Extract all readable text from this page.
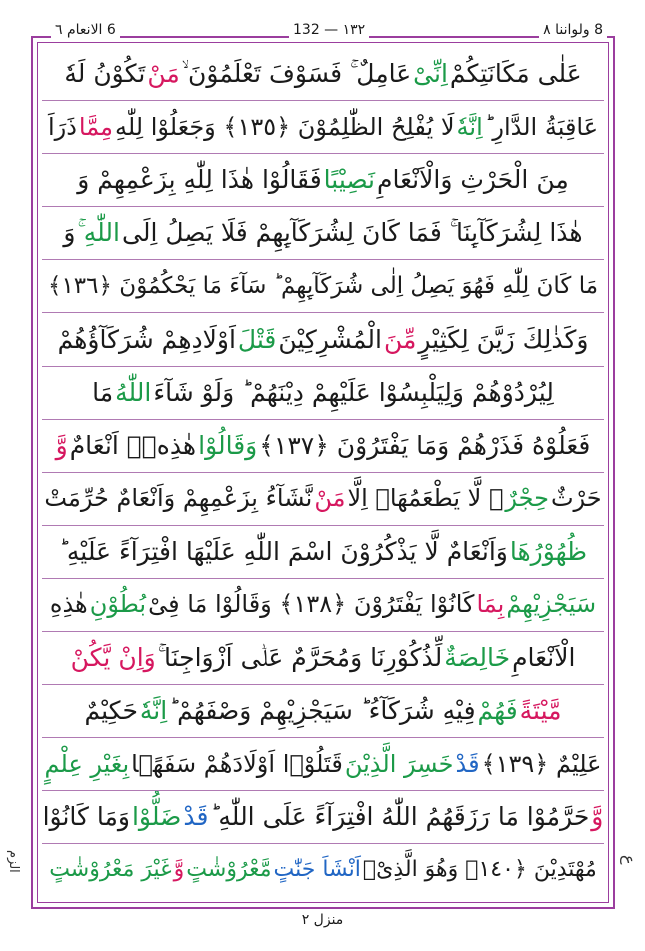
8 ولواننا ٨
١٣٢ — 132
6 الانعام ٦
عَلٰی مَكَانَتِكُمْ
اِنِّیْ
عَامِلٌ ۚ فَسَوْفَ تَعْلَمُوْنَ ۙ
مَنْ
تَكُوْنُ لَهٗ
عَاقِبَةُ الدَّارِ ؕ
اِنَّهٗ
لَا یُفْلِحُ الظّٰلِمُوْنَ ﴿١٣٥﴾ وَجَعَلُوْا لِلّٰهِ
مِمَّا
ذَرَاَ
مِنَ الْحَرْثِ وَالْاَنْعَامِ
نَصِیْبًا
فَقَالُوْا هٰذَا لِلّٰهِ بِزَعْمِهِمْ وَ
هٰذَا لِشُرَكَآىِٕنَا ۚ فَمَا كَانَ لِشُرَكَآىِٕهِمْ فَلَا یَصِلُ اِلَى
اللّٰهِ ۚ
وَ
مَا كَانَ لِلّٰهِ فَهُوَ یَصِلُ اِلٰى شُرَكَآىِٕهِمْ ؕ سَآءَ مَا یَحْكُمُوْنَ ﴿١٣٦﴾
وَكَذٰلِكَ زَیَّنَ لِكَثِیْرٍ
مِّنَ
الْمُشْرِكِیْنَ
قَتْلَ
اَوْلَادِهِمْ شُرَكَآؤُهُمْ
لِیُرْدُوْهُمْ وَلِیَلْبِسُوْا عَلَیْهِمْ دِیْنَهُمْ ؕ وَلَوْ شَآءَ
اللّٰهُ
مَا
فَعَلُوْهُ فَذَرْهُمْ وَمَا یَفْتَرُوْنَ ﴿١٣٧﴾
وَقَالُوْا
هٰذِهٖۤ اَنْعَامٌ
وَّ
حَرْثٌ
حِجْرٌ
ۖ لَّا یَطْعَمُهَاۤ اِلَّا
مَنْ
نَّشَآءُ بِزَعْمِهِمْ وَاَنْعَامٌ حُرِّمَتْ
ظُهُوْرُهَا
وَاَنْعَامٌ لَّا یَذْكُرُوْنَ اسْمَ اللّٰهِ عَلَیْهَا افْتِرَآءً عَلَیْهِ ؕ
سَیَجْزِیْهِمْ
بِمَا
كَانُوْا یَفْتَرُوْنَ ﴿١٣٨﴾ وَقَالُوْا مَا فِیْ
بُطُوْنِ
هٰذِهِ
الْاَنْعَامِ
خَالِصَةٌ
لِّذُكُوْرِنَا وَمُحَرَّمٌ عَلٰۤى اَزْوَاجِنَا ۚ
وَاِنْ یَّكُنْ
مَّیْتَةً
فَهُمْ
فِیْهِ شُرَكَآءُ ؕ سَیَجْزِیْهِمْ وَصْفَهُمْ ؕ
اِنَّهٗ
حَكِیْمٌ
عَلِیْمٌ ﴿١٣٩﴾
قَدْ
خَسِرَ الَّذِیْنَ
قَتَلُوْۤا اَوْلَادَهُمْ سَفَهًۢا
بِغَیْرِ عِلْمٍ
وَّ
حَرَّمُوْا مَا رَزَقَهُمُ اللّٰهُ افْتِرَآءً عَلَى اللّٰهِ ؕ
قَدْ
ضَلُّوْا
وَمَا كَانُوْا
مُهْتَدِیْنَ ﴿١٤٠﴾ وَهُوَ الَّذِیْۤ
اَنْشَاَ جَنّٰتٍ
مَّعْرُوْشٰتٍ
وَّ
غَیْرَ مَعْرُوْشٰتٍ	ع
الزم
منزل ٢
